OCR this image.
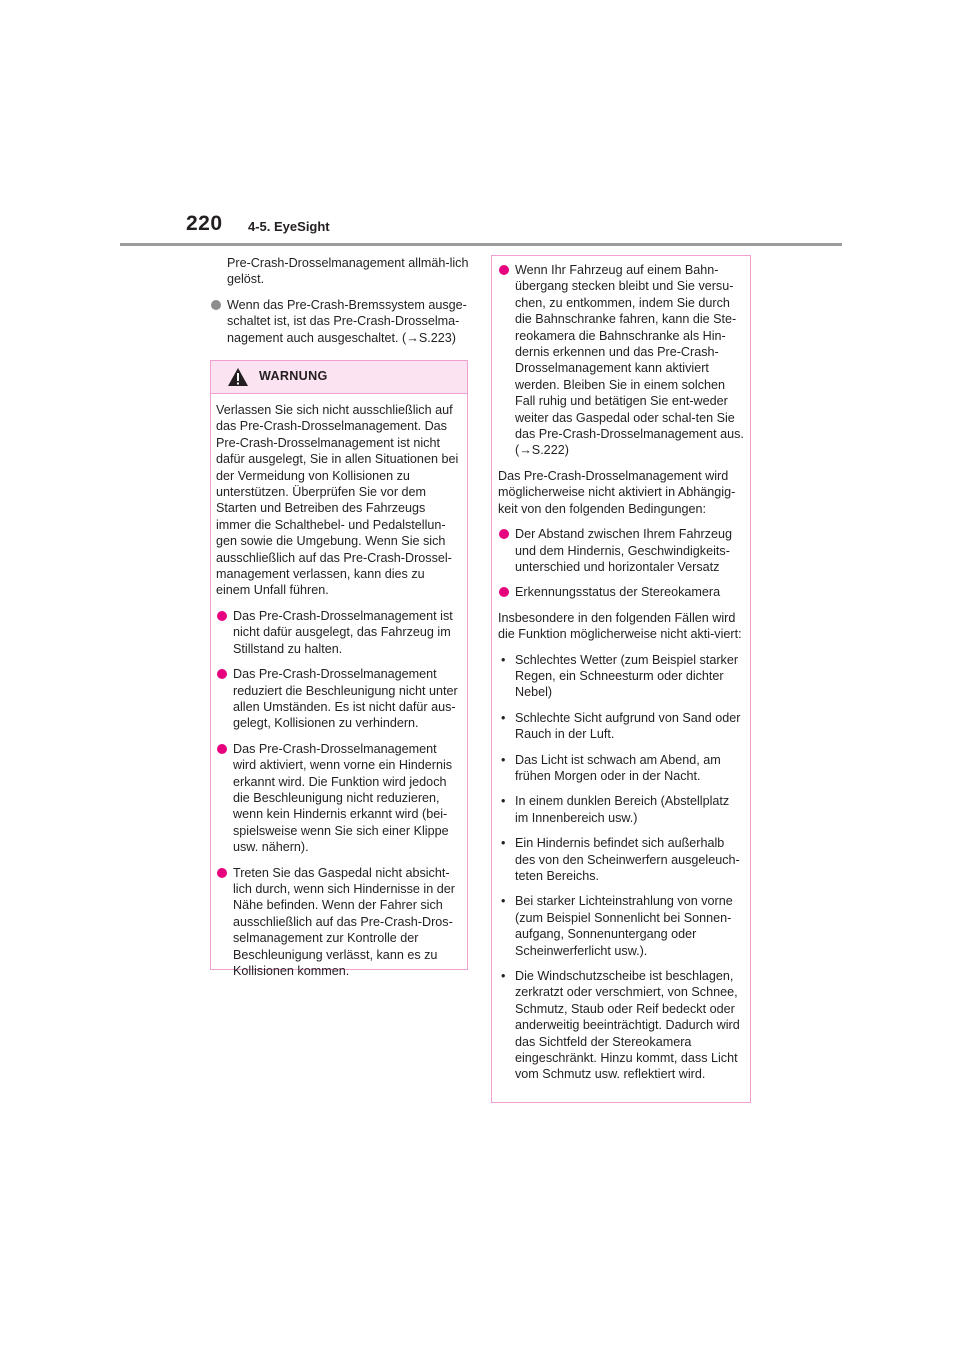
220 4-5. EyeSight
Pre-Crash-Drosselmanagement allmäh-lich gelöst.
Wenn das Pre-Crash-Bremssystem ausge-schaltet ist, ist das Pre-Crash-Drosselma-nagement auch ausgeschaltet. (→S.223)
WARNUNG
Verlassen Sie sich nicht ausschließlich auf das Pre-Crash-Drosselmanagement. Das Pre-Crash-Drosselmanagement ist nicht dafür ausgelegt, Sie in allen Situationen bei der Vermeidung von Kollisionen zu unterstützen. Überprüfen Sie vor dem Starten und Betreiben des Fahrzeugs immer die Schalthebel- und Pedalstellun-gen sowie die Umgebung. Wenn Sie sich ausschließlich auf das Pre-Crash-Drossel-management verlassen, kann dies zu einem Unfall führen.
Das Pre-Crash-Drosselmanagement ist nicht dafür ausgelegt, das Fahrzeug im Stillstand zu halten.
Das Pre-Crash-Drosselmanagement reduziert die Beschleunigung nicht unter allen Umständen. Es ist nicht dafür aus-gelegt, Kollisionen zu verhindern.
Das Pre-Crash-Drosselmanagement wird aktiviert, wenn vorne ein Hindernis erkannt wird. Die Funktion wird jedoch die Beschleunigung nicht reduzieren, wenn kein Hindernis erkannt wird (bei-spielsweise wenn Sie sich einer Klippe usw. nähern).
Treten Sie das Gaspedal nicht absicht-lich durch, wenn sich Hindernisse in der Nähe befinden. Wenn der Fahrer sich ausschließlich auf das Pre-Crash-Dros-selmanagement zur Kontrolle der Beschleunigung verlässt, kann es zu Kollisionen kommen.
Wenn Ihr Fahrzeug auf einem Bahn-übergang stecken bleibt und Sie versu-chen, zu entkommen, indem Sie durch die Bahnschranke fahren, kann die Ste-reokamera die Bahnschranke als Hin-dernis erkennen und das Pre-Crash-Drosselmanagement kann aktiviert werden. Bleiben Sie in einem solchen Fall ruhig und betätigen Sie ent-weder weiter das Gaspedal oder schal-ten Sie das Pre-Crash-Drosselmanagement aus. (→S.222)
Das Pre-Crash-Drosselmanagement wird möglicherweise nicht aktiviert in Abhängig-keit von den folgenden Bedingungen:
Der Abstand zwischen Ihrem Fahrzeug und dem Hindernis, Geschwindigkeits-unterschied und horizontaler Versatz
Erkennungsstatus der Stereokamera
Insbesondere in den folgenden Fällen wird die Funktion möglicherweise nicht akti-viert:
• Schlechtes Wetter (zum Beispiel starker Regen, ein Schneesturm oder dichter Nebel)
• Schlechte Sicht aufgrund von Sand oder Rauch in der Luft.
• Das Licht ist schwach am Abend, am frühen Morgen oder in der Nacht.
• In einem dunklen Bereich (Abstellplatz im Innenbereich usw.)
• Ein Hindernis befindet sich außerhalb des von den Scheinwerfern ausgeleuch-teten Bereichs.
• Bei starker Lichteinstrahlung von vorne (zum Beispiel Sonnenlicht bei Sonnen-aufgang, Sonnenuntergang oder Scheinwerferlicht usw.).
• Die Windschutzscheibe ist beschlagen, zerkratzt oder verschmiert, von Schnee, Schmutz, Staub oder Reif bedeckt oder anderweitig beeinträchtigt. Dadurch wird das Sichtfeld der Stereokamera eingeschränkt. Hinzu kommt, dass Licht vom Schmutz usw. reflektiert wird.
